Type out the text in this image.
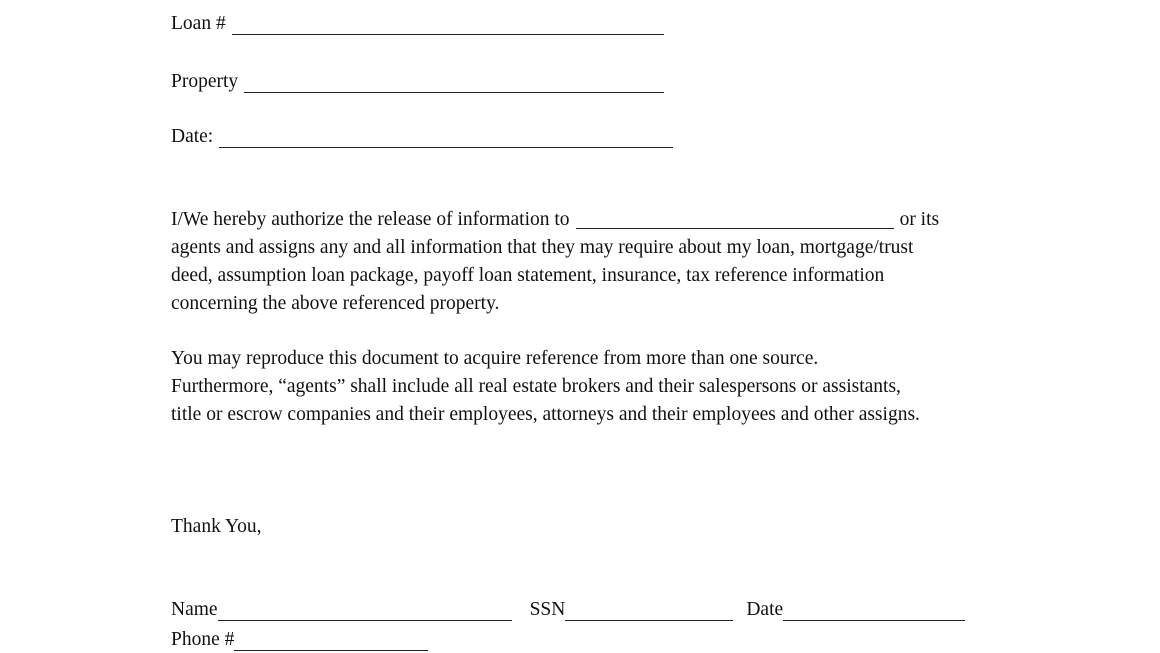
Loan #
Property
Date:
I/We hereby authorize the release of information to	or its
agents and assigns any and all information that they may require about my loan, mortgage/trust
deed, assumption loan package, payoff loan statement, insurance, tax reference information
concerning the above referenced property.
You may reproduce this document to acquire reference from more than one source.
Furthermore, “agents” shall include all real estate brokers and their salespersons or assistants,
title or escrow companies and their employees, attorneys and their employees and other assigns.
Thank You,
Name	SSN	Date
Phone #
